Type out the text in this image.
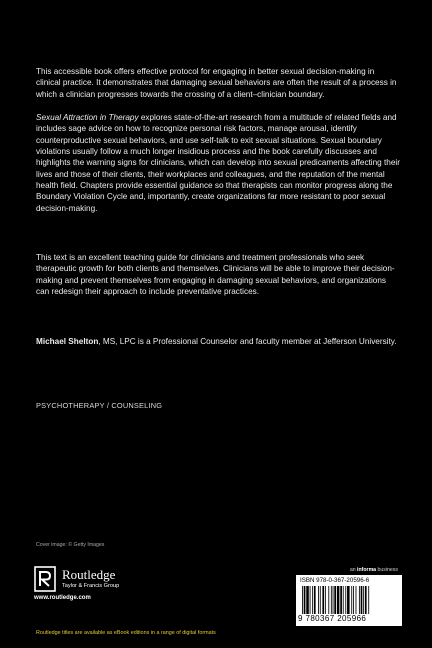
This accessible book offers effective protocol for engaging in better sexual decision-making in clinical practice. It demonstrates that damaging sexual behaviors are often the result of a process in which a clinician progresses towards the crossing of a client–clinician boundary.

Sexual Attraction in Therapy explores state-of-the-art research from a multitude of related fields and includes sage advice on how to recognize personal risk factors, manage arousal, identify counterproductive sexual behaviors, and use self-talk to exit sexual situations. Sexual boundary violations usually follow a much longer insidious process and the book carefully discusses and highlights the warning signs for clinicians, which can develop into sexual predicaments affecting their lives and those of their clients, their workplaces and colleagues, and the reputation of the mental health field. Chapters provide essential guidance so that therapists can monitor progress along the Boundary Violation Cycle and, importantly, create organizations far more resistant to poor sexual decision-making.

This text is an excellent teaching guide for clinicians and treatment professionals who seek therapeutic growth for both clients and themselves. Clinicians will be able to improve their decision-making and prevent themselves from engaging in damaging sexual behaviors, and organizations can redesign their approach to include preventative practices.

Michael Shelton, MS, LPC is a Professional Counselor and faculty member at Jefferson University.
PSYCHOTHERAPY / COUNSELING
Cover image: © Getty Images
Routledge
Taylor & Francis Group
www.routledge.com
an informa business
ISBN 978-0-367-20596-6
9 780367 205966
Routledge titles are available as eBook editions in a range of digital formats
